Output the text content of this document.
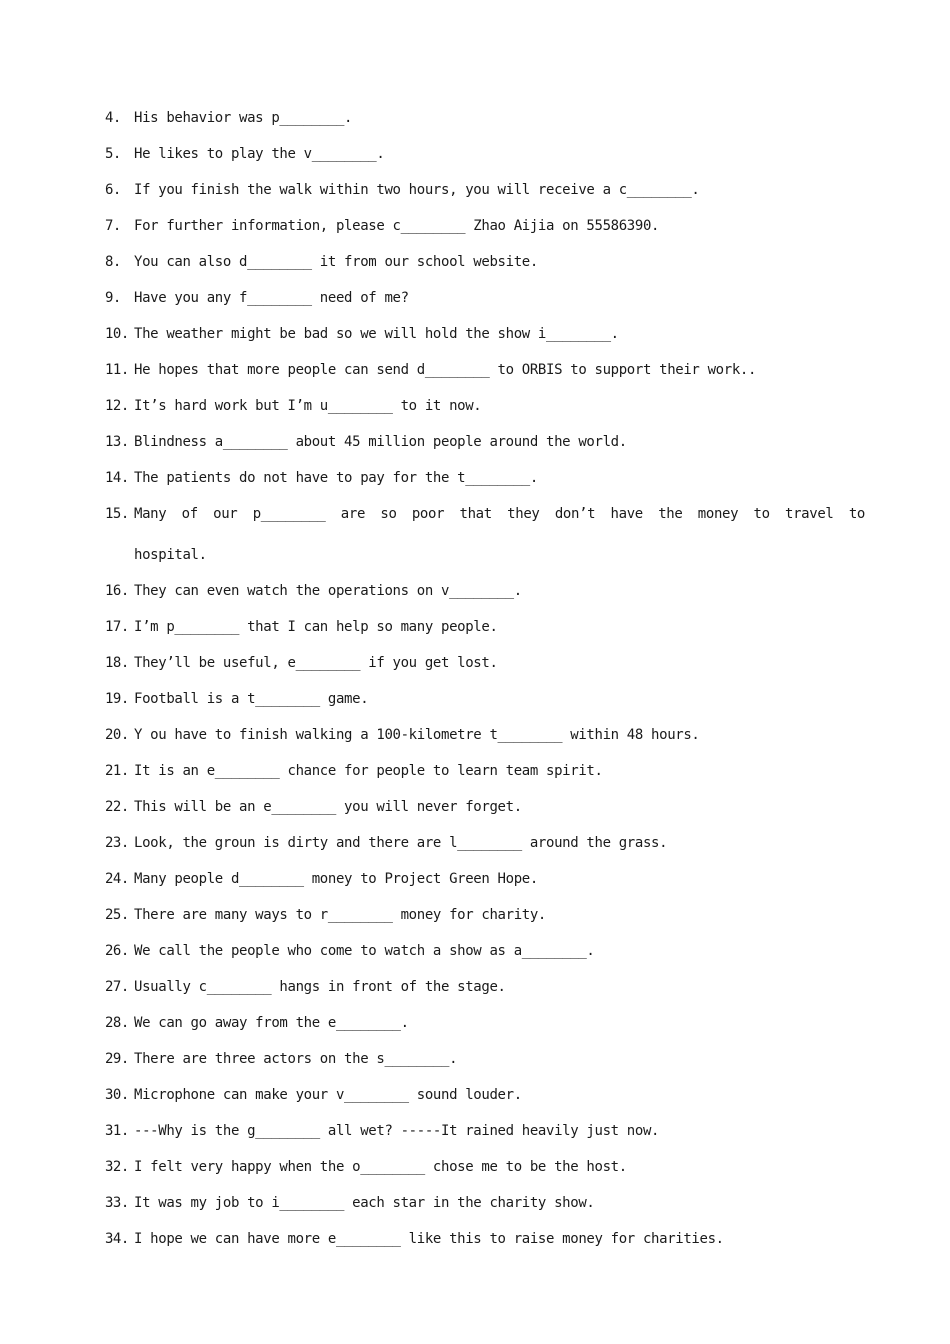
4. His behavior was p________.
5. He likes to play the v________.
6. If you finish the walk within two hours, you will receive a c________.
7. For further information, please c________ Zhao Aijia on 55586390.
8. You can also d________ it from our school website.
9. Have you any f________ need of me?
10. The weather might be bad so we will hold the show i________.
11. He hopes that more people can send d________ to ORBIS to support their work..
12. It’s hard work but I’m u________ to it now.
13. Blindness a________ about 45 million people around the world.
14. The patients do not have to pay for the t________.
15. Many of our p________ are so poor that they don’t have the money to travel to hospital.
16. They can even watch the operations on v________.
17. I’m p________ that I can help so many people.
18. They’ll be useful, e________ if you get lost.
19. Football is a t________ game.
20. Y ou have to finish walking a 100-kilometre t________ within 48 hours.
21. It is an e________ chance for people to learn team spirit.
22. This will be an e________ you will never forget.
23. Look, the groun is dirty and there are l________ around the grass.
24. Many people d________ money to Project Green Hope.
25. There are many ways to r________ money for charity.
26. We call the people who come to watch a show as a________.
27. Usually c________ hangs in front of the stage.
28. We can go away from the e________.
29. There are three actors on the s________.
30. Microphone can make your v________ sound louder.
31. ---Why is the g________ all wet? -----It rained heavily just now.
32. I felt very happy when the o________ chose me to be the host.
33. It was my job to i________ each star in the charity show.
34. I hope we can have more e________ like this to raise money for charities.
